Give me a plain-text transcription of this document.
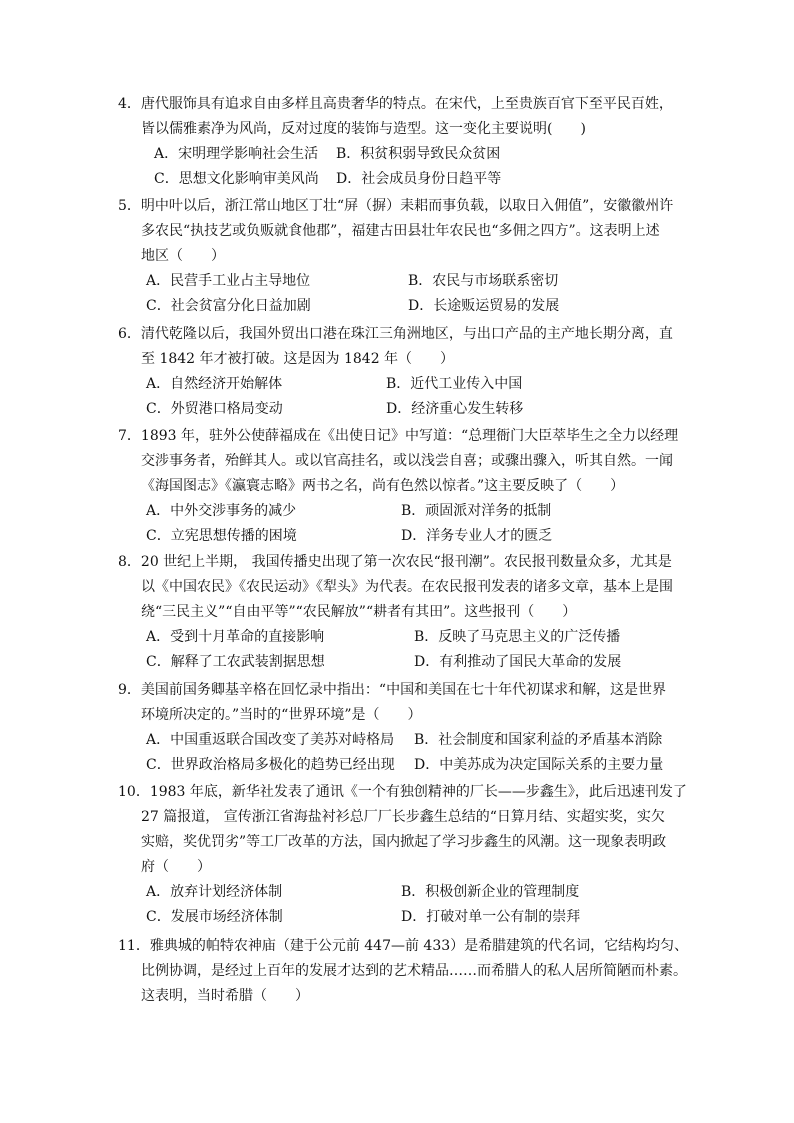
4．唐代服饰具有追求自由多样且高贵奢华的特点。在宋代，上至贵族百官下至平民百姓，
皆以儒雅素净为风尚，反对过度的装饰与造型。这一变化主要说明(　　)
A．宋明理学影响社会生活 B．积贫积弱导致民众贫困
C．思想文化影响审美风尚 D．社会成员身份日趋平等
5．明中叶以后，浙江常山地区丁壮“屏（摒）耒耜而事负载，以取日入佣值”，安徽徽州许
多农民“执技艺或负贩就食他郡”，福建古田县壮年农民也“多佣之四方”。这表明上述
地区（　　）
A．民营手工业占主导地位	B．农民与市场联系密切
C．社会贫富分化日益加剧	D．长途贩运贸易的发展
6．清代乾隆以后，我国外贸出口港在珠江三角洲地区，与出口产品的主产地长期分离，直
至 1842 年才被打破。这是因为 1842 年（　　）
A．自然经济开始解体	B．近代工业传入中国
C．外贸港口格局变动	D．经济重心发生转移
7．1893 年，驻外公使薛福成在《出使日记》中写道：“总理衙门大臣萃毕生之全力以经理
交涉事务者，殆鲜其人。或以官高挂名，或以浅尝自喜；或骤出骤入，听其自然。一闻
《海国图志》《瀛寰志略》两书之名，尚有色然以惊者。”这主要反映了（　　）
A．中外交涉事务的减少	B．顽固派对洋务的抵制
C．立宪思想传播的困境	D．洋务专业人才的匮乏
8．20 世纪上半期， 我国传播史出现了第一次农民“报刊潮”。农民报刊数量众多，尤其是
以《中国农民》《农民运动》《犁头》为代表。在农民报刊发表的诸多文章，基本上是围
绕“三民主义”“自由平等”“农民解放”“耕者有其田”。这些报刊（　　）
A．受到十月革命的直接影响	B．反映了马克思主义的广泛传播
C．解释了工农武装割据思想	D．有利推动了国民大革命的发展
9．美国前国务卿基辛格在回忆录中指出：“中国和美国在七十年代初谋求和解，这是世界
环境所决定的。”当时的“世界环境”是（　　）
A．中国重返联合国改变了美苏对峙格局 B．社会制度和国家利益的矛盾基本消除
C．世界政治格局多极化的趋势已经出现 D．中美苏成为决定国际关系的主要力量
10．1983 年底，新华社发表了通讯《一个有独创精神的厂长——步鑫生》，此后迅速刊发了
27 篇报道， 宣传浙江省海盐衬衫总厂厂长步鑫生总结的“日算月结、实超实奖，实欠
实赔，奖优罚劣”等工厂改革的方法，国内掀起了学习步鑫生的风潮。这一现象表明政
府（　　）
A．放弃计划经济体制	B．积极创新企业的管理制度
C．发展市场经济体制	D．打破对单一公有制的崇拜
11．雅典城的帕特农神庙（建于公元前 447—前 433）是希腊建筑的代名词，它结构均匀、
比例协调，是经过上百年的发展才达到的艺术精品……而希腊人的私人居所简陋而朴素。
这表明，当时希腊（　　）
